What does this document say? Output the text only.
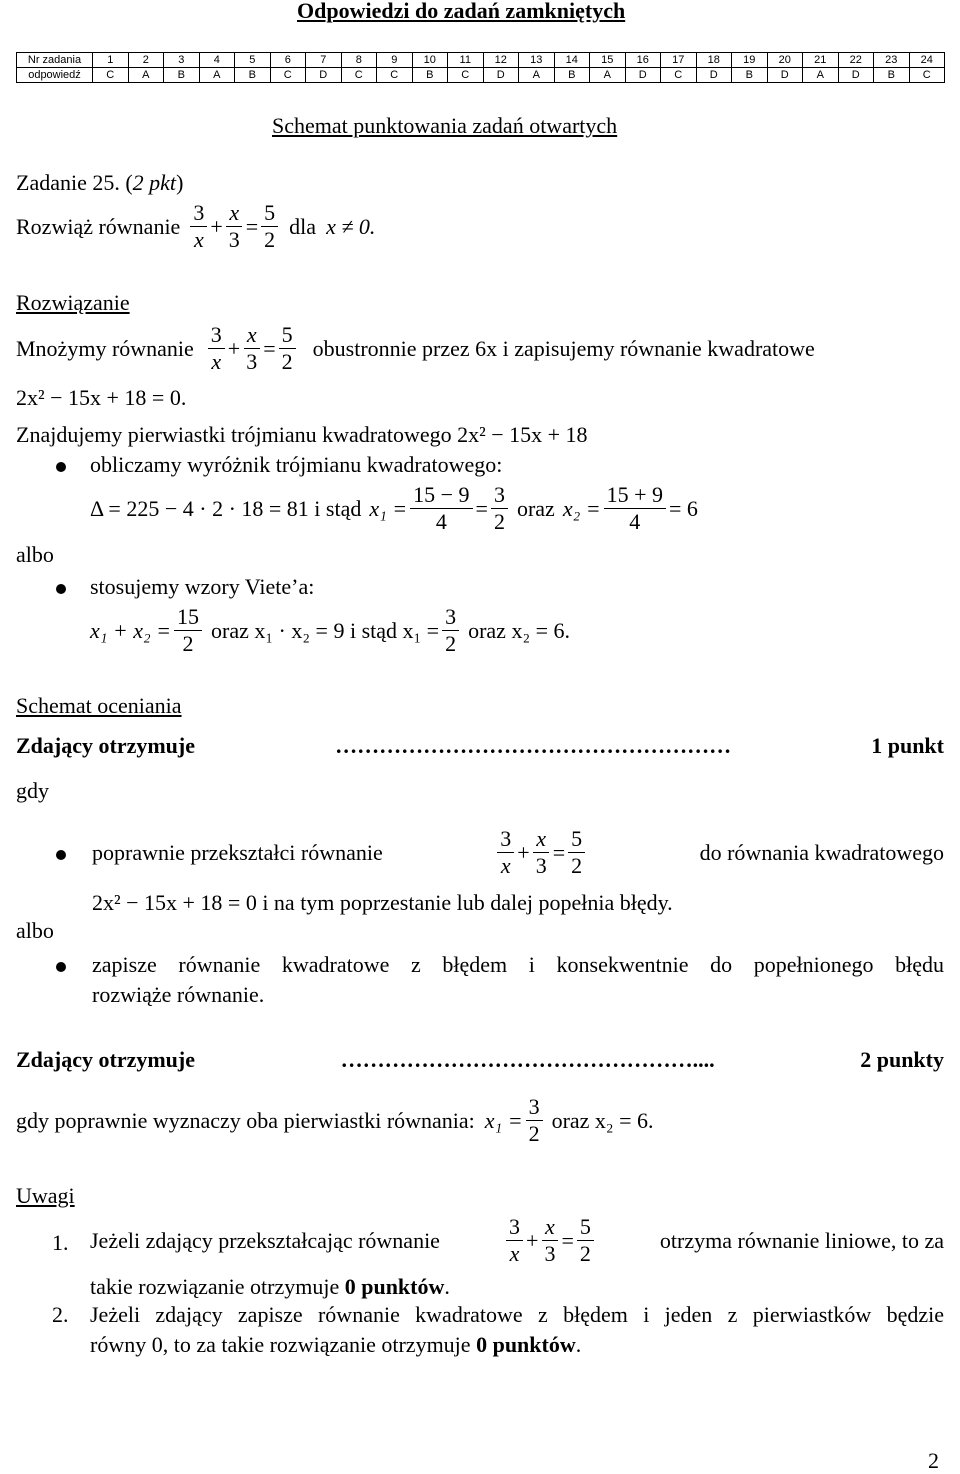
Odpowiedzi do zadań zamkniętych
Nr zadania	1	2	3	4	5	6	7	8	9	10	11	12	13	14	15	16	17	18	19	20	21	22	23	24
odpowiedź	C	A	B	A	B	C	D	C	C	B	C	D	A	B	A	D	C	D	B	D	A	D	B	C
Schemat punktowania zadań otwartych
Zadanie 25. (2 pkt)
Rozwiąż równanie $\frac{3}{x} + \frac{x}{3} = \frac{5}{2}$ dla x ≠ 0.
Rozwiązanie
Mnożymy równanie $\frac{3}{x} + \frac{x}{3} = \frac{5}{2}$ obustronnie przez 6x i zapisujemy równanie kwadratowe
2x² − 15x + 18 = 0.
Znajdujemy pierwiastki trójmianu kwadratowego 2x² − 15x + 18
obliczamy wyróżnik trójmianu kwadratowego:
Δ = 225 − 4 · 2 · 18 = 81 i stąd $x_1 = \frac{15 - 9}{4} = \frac{3}{2}$ oraz $x_2 = \frac{15 + 9}{4} = 6$
albo
stosujemy wzory Viete’a:
$x_1 + x_2 = \frac{15}{2}$ oraz x₁ · x₂ = 9 i stąd $x_1 = \frac{3}{2}$ oraz x₂ = 6.
Schemat oceniania
Zdający otrzymuje	………………………………………………	1 punkt
gdy
poprawnie przekształci równanie	$\frac{3}{x} + \frac{x}{3} = \frac{5}{2}$	do równania kwadratowego
2x² − 15x + 18 = 0 i na tym poprzestanie lub dalej popełnia błędy.
albo
zapisze równanie kwadratowe z błędem i konsekwentnie do popełnionego błędu
rozwiąże równanie.
Zdający otrzymuje	…………………………………………....	2 punkty
gdy poprawnie wyznaczy oba pierwiastki równania: $x_1 = \frac{3}{2}$ oraz x₂ = 6.
Uwagi
1. Jeżeli zdający przekształcając równanie	$\frac{3}{x} + \frac{x}{3} = \frac{5}{2}$	otrzyma równanie liniowe, to za
takie rozwiązanie otrzymuje 0 punktów.
2. Jeżeli zdający zapisze równanie kwadratowe z błędem i jeden z pierwiastków będzie
równy 0, to za takie rozwiązanie otrzymuje 0 punktów.
2
